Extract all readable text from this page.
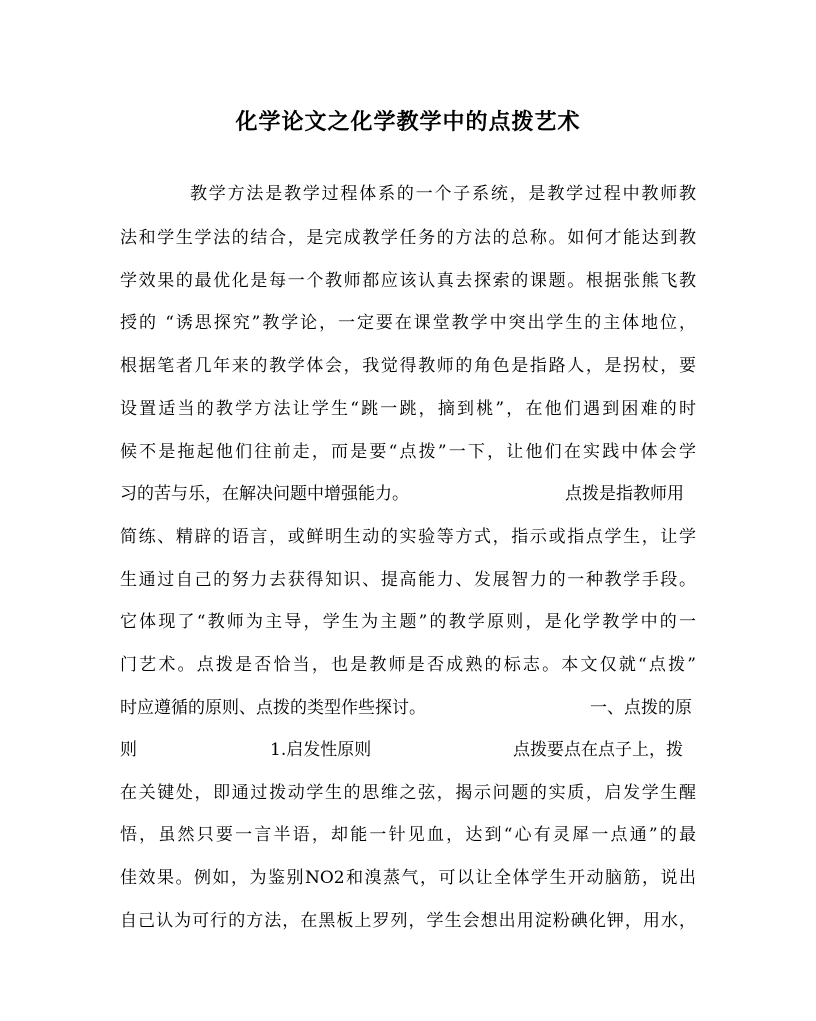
化学论文之化学教学中的点拨艺术
教学方法是教学过程体系的一个子系统，是教学过程中教师教
法和学生学法的结合，是完成教学任务的方法的总称。如何才能达到教
学效果的最优化是每一个教师都应该认真去探索的课题。根据张熊飞教
授的 “诱思探究”教学论，一定要在课堂教学中突出学生的主体地位，
根据笔者几年来的教学体会，我觉得教师的角色是指路人，是拐杖，要
设置适当的教学方法让学生“跳一跳，摘到桃”，在他们遇到困难的时
候不是拖起他们往前走，而是要“点拨”一下，让他们在实践中体会学
习的苦与乐，在解决问题中增强能力。	点拨是指教师用
简练、精辟的语言，或鲜明生动的实验等方式，指示或指点学生，让学
生通过自己的努力去获得知识、提高能力、发展智力的一种教学手段。
它体现了“教师为主导，学生为主题”的教学原则，是化学教学中的一
门艺术。点拨是否恰当，也是教师是否成熟的标志。本文仅就“点拨”
时应遵循的原则、点拨的类型作些探讨。	一、点拨的原
则	1.启发性原则	点拨要点在点子上，拨
在关键处，即通过拨动学生的思维之弦，揭示问题的实质，启发学生醒
悟，虽然只要一言半语，却能一针见血，达到“心有灵犀一点通”的最
佳效果。例如，为鉴别NO2和溴蒸气，可以让全体学生开动脑筋，说出
自己认为可行的方法，在黑板上罗列，学生会想出用淀粉碘化钾，用水，
